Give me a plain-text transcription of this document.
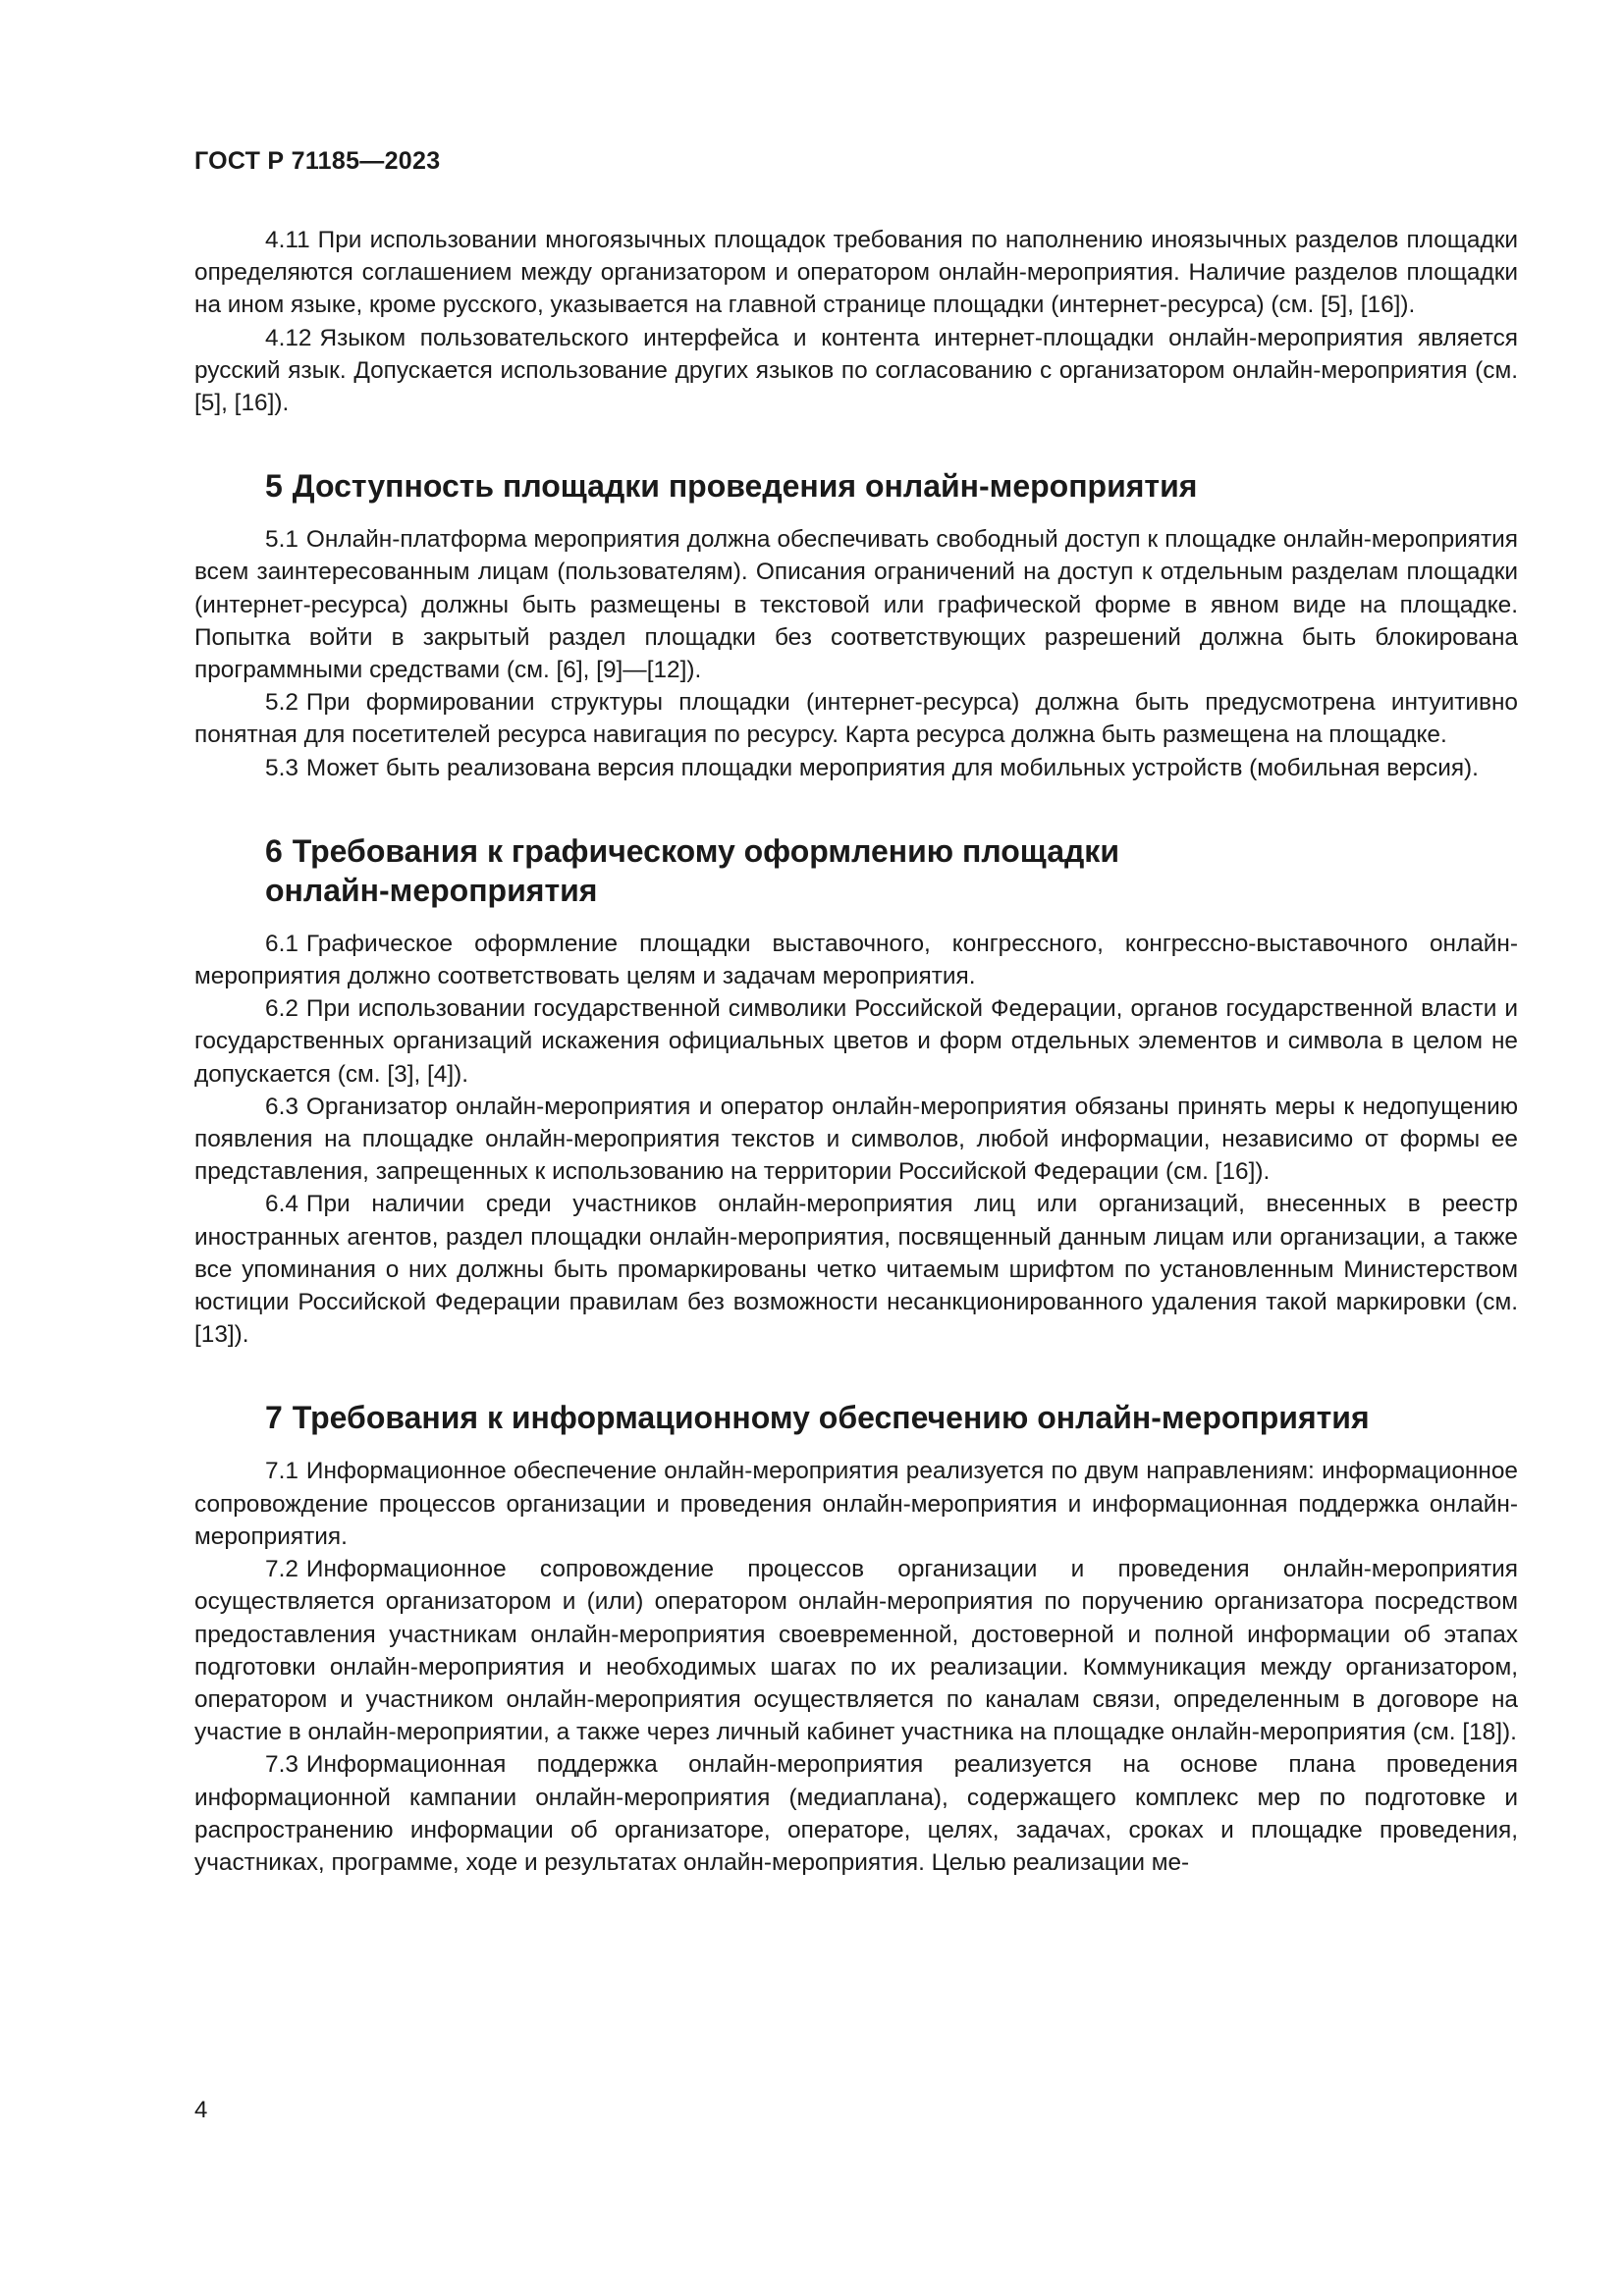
ГОСТ Р 71185—2023

4.11 При использовании многоязычных площадок требования по наполнению иноязычных разделов площадки определяются соглашением между организатором и оператором онлайн-мероприятия. Наличие разделов площадки на ином языке, кроме русского, указывается на главной странице площадки (интернет-ресурса) (см. [5], [16]).

4.12 Языком пользовательского интерфейса и контента интернет-площадки онлайн-мероприятия является русский язык. Допускается использование других языков по согласованию с организатором онлайн-мероприятия (см. [5], [16]).

5 Доступность площадки проведения онлайн-мероприятия

5.1 Онлайн-платформа мероприятия должна обеспечивать свободный доступ к площадке онлайн-мероприятия всем заинтересованным лицам (пользователям). Описания ограничений на доступ к отдельным разделам площадки (интернет-ресурса) должны быть размещены в текстовой или графической форме в явном виде на площадке. Попытка войти в закрытый раздел площадки без соответствующих разрешений должна быть блокирована программными средствами (см. [6], [9]—[12]).

5.2 При формировании структуры площадки (интернет-ресурса) должна быть предусмотрена интуитивно понятная для посетителей ресурса навигация по ресурсу. Карта ресурса должна быть размещена на площадке.

5.3 Может быть реализована версия площадки мероприятия для мобильных устройств (мобильная версия).

6 Требования к графическому оформлению площадки
онлайн-мероприятия

6.1 Графическое оформление площадки выставочного, конгрессного, конгрессно-выставочного онлайн-мероприятия должно соответствовать целям и задачам мероприятия.

6.2 При использовании государственной символики Российской Федерации, органов государственной власти и государственных организаций искажения официальных цветов и форм отдельных элементов и символа в целом не допускается (см. [3], [4]).

6.3 Организатор онлайн-мероприятия и оператор онлайн-мероприятия обязаны принять меры к недопущению появления на площадке онлайн-мероприятия текстов и символов, любой информации, независимо от формы ее представления, запрещенных к использованию на территории Российской Федерации (см. [16]).

6.4 При наличии среди участников онлайн-мероприятия лиц или организаций, внесенных в реестр иностранных агентов, раздел площадки онлайн-мероприятия, посвященный данным лицам или организации, а также все упоминания о них должны быть промаркированы четко читаемым шрифтом по установленным Министерством юстиции Российской Федерации правилам без возможности несанкционированного удаления такой маркировки (см. [13]).

7 Требования к информационному обеспечению онлайн-мероприятия

7.1 Информационное обеспечение онлайн-мероприятия реализуется по двум направлениям: информационное сопровождение процессов организации и проведения онлайн-мероприятия и информационная поддержка онлайн-мероприятия.

7.2 Информационное сопровождение процессов организации и проведения онлайн-мероприятия осуществляется организатором и (или) оператором онлайн-мероприятия по поручению организатора посредством предоставления участникам онлайн-мероприятия своевременной, достоверной и полной информации об этапах подготовки онлайн-мероприятия и необходимых шагах по их реализации. Коммуникация между организатором, оператором и участником онлайн-мероприятия осуществляется по каналам связи, определенным в договоре на участие в онлайн-мероприятии, а также через личный кабинет участника на площадке онлайн-мероприятия (см. [18]).

7.3 Информационная поддержка онлайн-мероприятия реализуется на основе плана проведения информационной кампании онлайн-мероприятия (медиаплана), содержащего комплекс мер по подготовке и распространению информации об организаторе, операторе, целях, задачах, сроках и площадке проведения, участниках, программе, ходе и результатах онлайн-мероприятия. Целью реализации ме-

4
